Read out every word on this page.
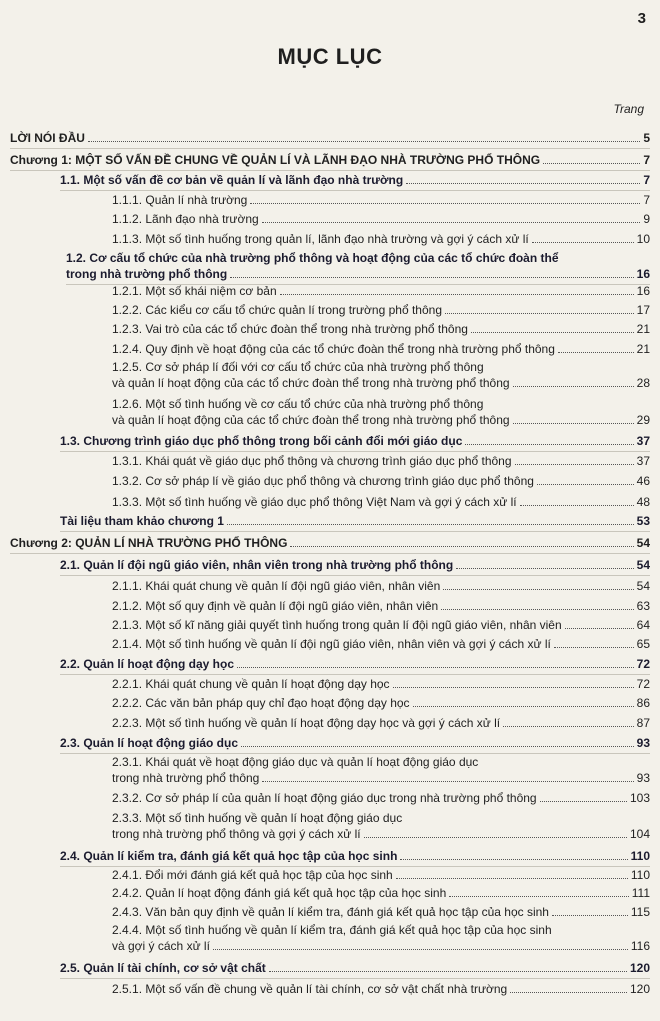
3
MỤC LỤC
Trang
LỜI NÓI ĐẦU	5
Chương 1: MỘT SỐ VẤN ĐỀ CHUNG VỀ QUẢN LÍ VÀ LÃNH ĐẠO NHÀ TRƯỜNG PHỔ THÔNG	7
1.1. Một số vấn đề cơ bản về quản lí và lãnh đạo nhà trường	7
1.1.1. Quản lí nhà trường	7
1.1.2. Lãnh đạo nhà trường	9
1.1.3. Một số tình huống trong quản lí, lãnh đạo nhà trường và gợi ý cách xử lí	10
1.2. Cơ cấu tổ chức của nhà trường phổ thông và hoạt động của các tổ chức đoàn thể
trong nhà trường phổ thông	16
1.2.1. Một số khái niệm cơ bản	16
1.2.2. Các kiểu cơ cấu tổ chức quản lí trong trường phổ thông	17
1.2.3. Vai trò của các tổ chức đoàn thể trong nhà trường phổ thông	21
1.2.4. Quy định về hoạt động của các tổ chức đoàn thể trong nhà trường phổ thông	21
1.2.5. Cơ sở pháp lí đối với cơ cấu tổ chức của nhà trường phổ thông
và quản lí hoạt động của các tổ chức đoàn thể trong nhà trường phổ thông	28
1.2.6. Một số tình huống về cơ cấu tổ chức của nhà trường phổ thông
và quản lí hoạt động của các tổ chức đoàn thể trong nhà trường phổ thông	29
1.3. Chương trình giáo dục phổ thông trong bối cảnh đổi mới giáo dục	37
1.3.1. Khái quát về giáo dục phổ thông và chương trình giáo dục phổ thông	37
1.3.2. Cơ sở pháp lí về giáo dục phổ thông và chương trình giáo dục phổ thông	46
1.3.3. Một số tình huống về giáo dục phổ thông Việt Nam và gợi ý cách xử lí	48
Tài liệu tham khảo chương 1	53
Chương 2: QUẢN LÍ NHÀ TRƯỜNG PHỔ THÔNG	54
2.1. Quản lí đội ngũ giáo viên, nhân viên trong nhà trường phổ thông	54
2.1.1. Khái quát chung về quản lí đội ngũ giáo viên, nhân viên	54
2.1.2. Một số quy định về quản lí đội ngũ giáo viên, nhân viên	63
2.1.3. Một số kĩ năng giải quyết tình huống trong quản lí đội ngũ giáo viên, nhân viên	64
2.1.4. Một số tình huống về quản lí đội ngũ giáo viên, nhân viên và gợi ý cách xử lí	65
2.2. Quản lí hoạt động dạy học	72
2.2.1. Khái quát chung về quản lí hoạt động dạy học	72
2.2.2. Các văn bản pháp quy chỉ đạo hoạt động dạy học	86
2.2.3. Một số tình huống về quản lí hoạt động dạy học và gợi ý cách xử lí	87
2.3. Quản lí hoạt động giáo dục	93
2.3.1. Khái quát về hoạt động giáo dục và quản lí hoạt động giáo dục
trong nhà trường phổ thông	93
2.3.2. Cơ sở pháp lí của quản lí hoạt động giáo dục trong nhà trường phổ thông	103
2.3.3. Một số tình huống về quản lí hoạt động giáo dục
trong nhà trường phổ thông và gợi ý cách xử lí	104
2.4. Quản lí kiểm tra, đánh giá kết quả học tập của học sinh	110
2.4.1. Đổi mới đánh giá kết quả học tập của học sinh	110
2.4.2. Quản lí hoạt động đánh giá kết quả học tập của học sinh	111
2.4.3. Văn bản quy định về quản lí kiểm tra, đánh giá kết quả học tập của học sinh	115
2.4.4. Một số tình huống về quản lí kiểm tra, đánh giá kết quả học tập của học sinh
và gợi ý cách xử lí	116
2.5. Quản lí tài chính, cơ sở vật chất	120
2.5.1. Một số vấn đề chung về quản lí tài chính, cơ sở vật chất nhà trường	120
